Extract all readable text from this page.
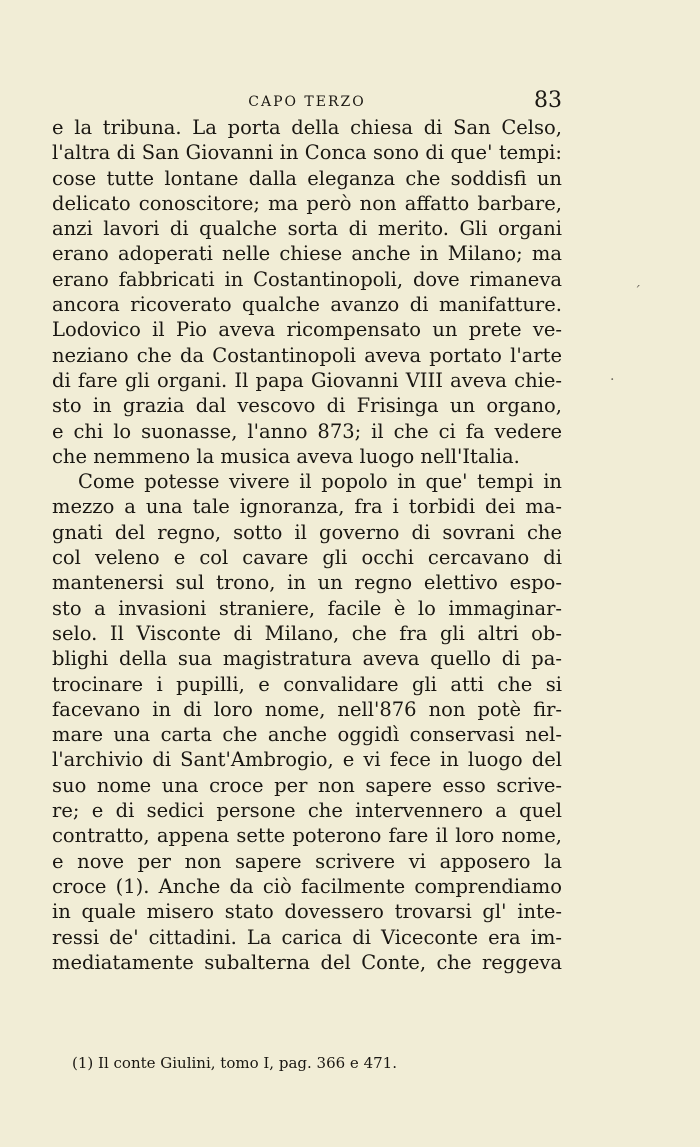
CAPO TERZO	83
e la tribuna. La porta della chiesa di San Celso,
l'altra di San Giovanni in Conca sono di que' tempi:
cose tutte lontane dalla eleganza che soddisfi un
delicato conoscitore; ma però non affatto barbare,
anzi lavori di qualche sorta di merito. Gli organi
erano adoperati nelle chiese anche in Milano; ma
erano fabbricati in Costantinopoli, dove rimaneva
ancora ricoverato qualche avanzo di manifatture.
Lodovico il Pio aveva ricompensato un prete ve-
neziano che da Costantinopoli aveva portato l'arte
di fare gli organi. Il papa Giovanni VIII aveva chie-
sto in grazia dal vescovo di Frisinga un organo,
e chi lo suonasse, l'anno 873; il che ci fa vedere
che nemmeno la musica aveva luogo nell'Italia.
Come potesse vivere il popolo in que' tempi in
mezzo a una tale ignoranza, fra i torbidi dei ma-
gnati del regno, sotto il governo di sovrani che
col veleno e col cavare gli occhi cercavano di
mantenersi sul trono, in un regno elettivo espo-
sto a invasioni straniere, facile è lo immaginar-
selo. Il Visconte di Milano, che fra gli altri ob-
blighi della sua magistratura aveva quello di pa-
trocinare i pupilli, e convalidare gli atti che si
facevano in di loro nome, nell'876 non potè fir-
mare una carta che anche oggidì conservasi nel-
l'archivio di Sant'Ambrogio, e vi fece in luogo del
suo nome una croce per non sapere esso scrive-
re; e di sedici persone che intervennero a quel
contratto, appena sette poterono fare il loro nome,
e nove per non sapere scrivere vi apposero la
croce (1). Anche da ciò facilmente comprendiamo
in quale misero stato dovessero trovarsi gl' inte-
ressi de' cittadini. La carica di Viceconte era im-
mediatamente subalterna del Conte, che reggeva
(1) Il conte Giulini, tomo I, pag. 366 e 471.
´
.
